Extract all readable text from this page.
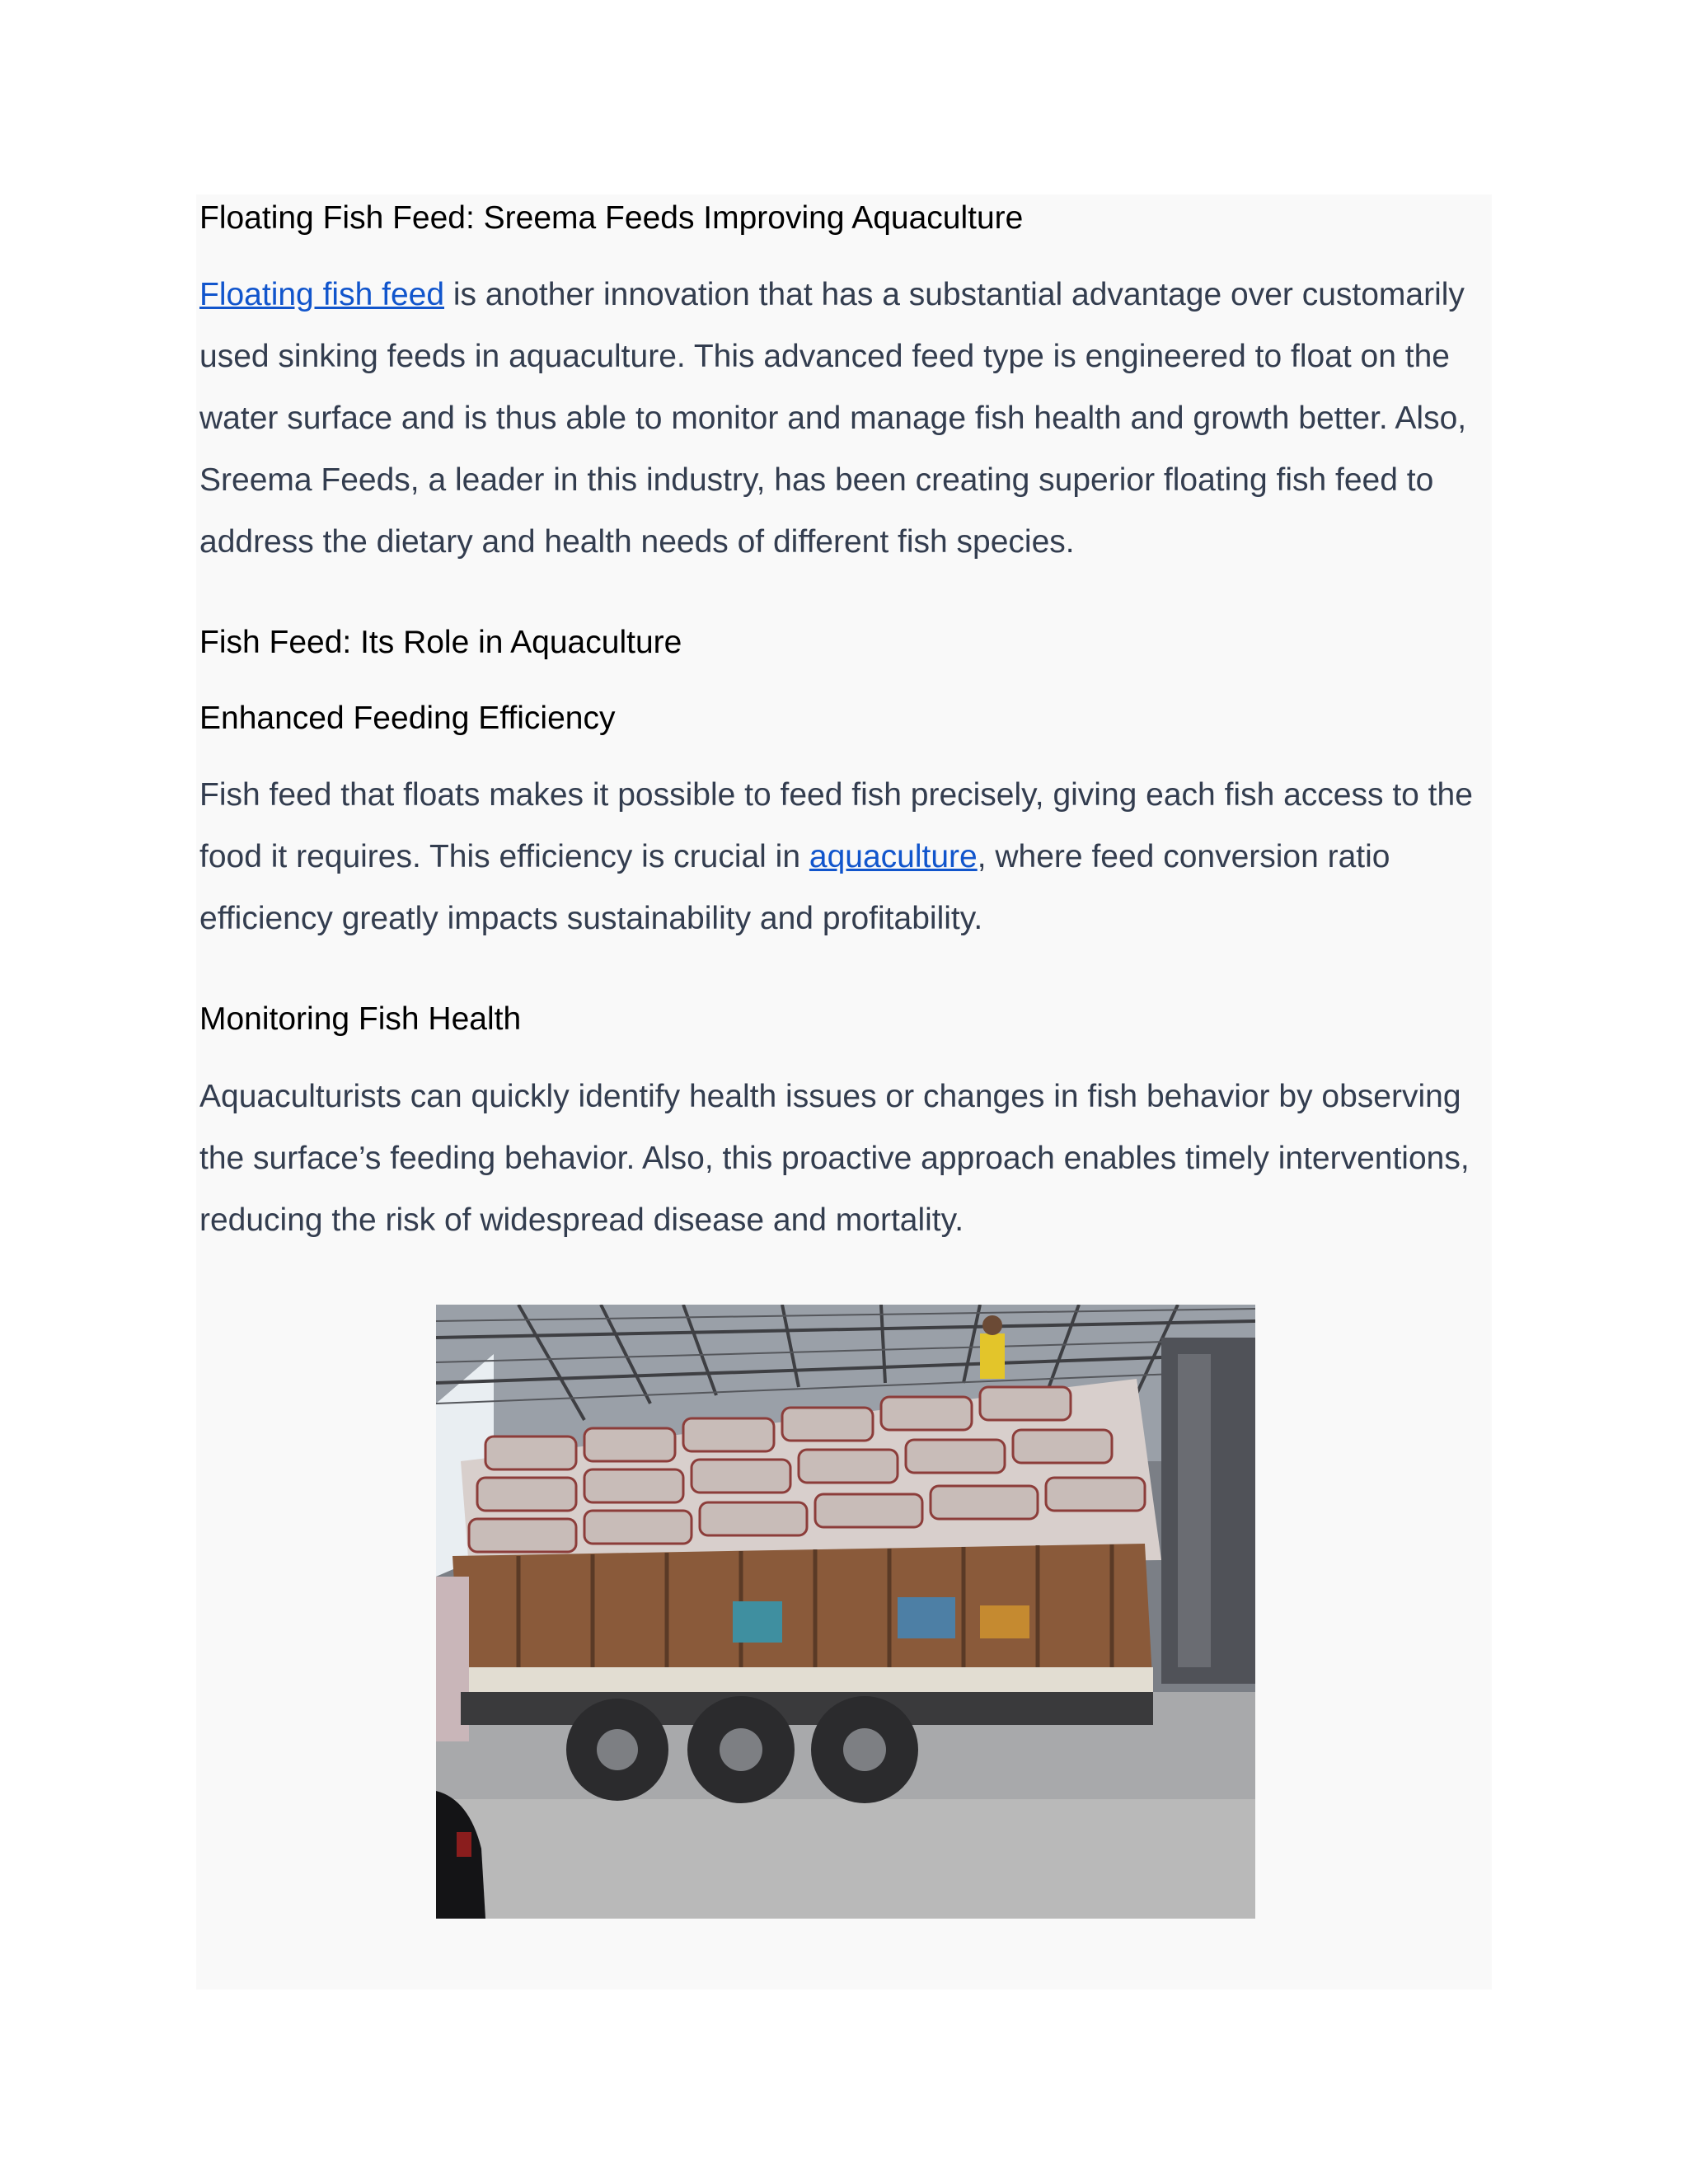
Floating Fish Feed: Sreema Feeds Improving Aquaculture

Floating fish feed is another innovation that has a substantial advantage over customarily used sinking feeds in aquaculture. This advanced feed type is engineered to float on the water surface and is thus able to monitor and manage fish health and growth better. Also, Sreema Feeds, a leader in this industry, has been creating superior floating fish feed to address the dietary and health needs of different fish species.

Fish Feed: Its Role in Aquaculture
Enhanced Feeding Efficiency

Fish feed that floats makes it possible to feed fish precisely, giving each fish access to the food it requires. This efficiency is crucial in aquaculture, where feed conversion ratio efficiency greatly impacts sustainability and profitability.

Monitoring Fish Health

Aquaculturists can quickly identify health issues or changes in fish behavior by observing the surface’s feeding behavior. Also, this proactive approach enables timely interventions, reducing the risk of widespread disease and mortality.
